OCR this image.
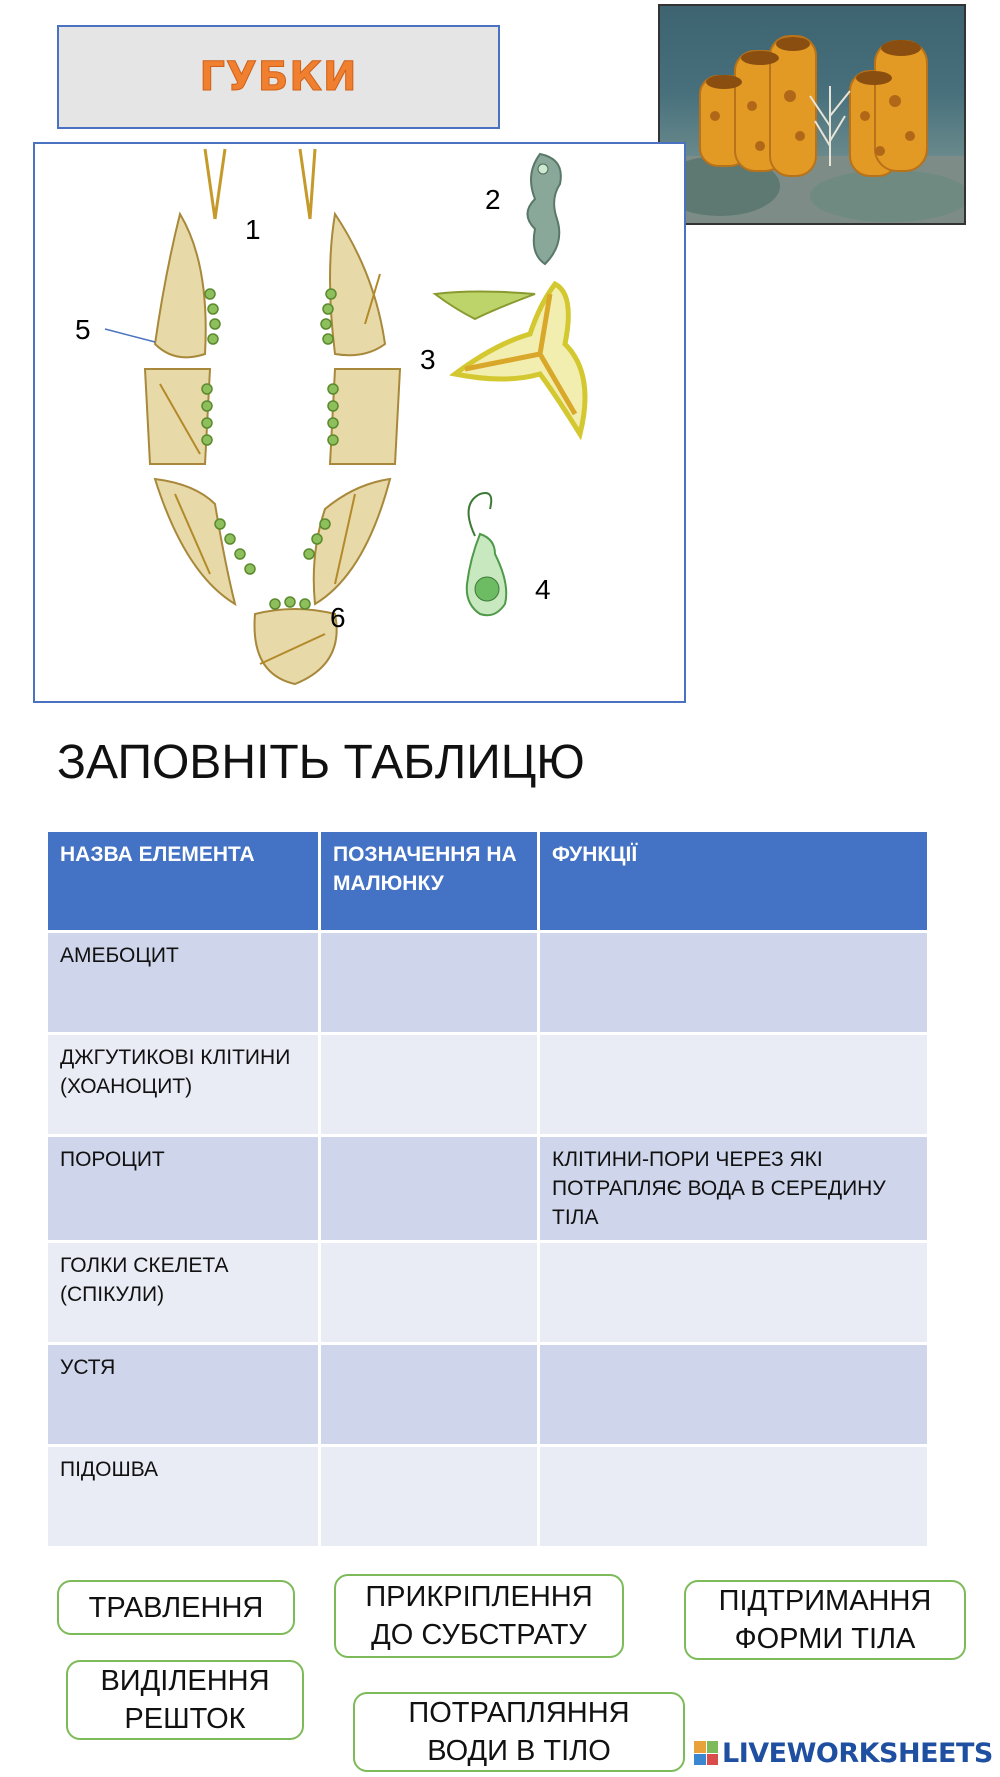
ГУБКИ
1
2
3
4
5
6
ЗАПОВНІТЬ ТАБЛИЦЮ
НАЗВА ЕЛЕМЕНТА	ПОЗНАЧЕННЯ НА МАЛЮНКУ	ФУНКЦІЇ
АМЕБОЦИТ		
ДЖГУТИКОВІ КЛІТИНИ (ХОАНОЦИТ)		
ПОРОЦИТ		КЛІТИНИ-ПОРИ ЧЕРЕЗ ЯКІ ПОТРАПЛЯЄ ВОДА В СЕРЕДИНУ ТІЛА
ГОЛКИ СКЕЛЕТА (СПІКУЛИ)		
УСТЯ		
ПІДОШВА		
ТРАВЛЕННЯ	ПРИКРІПЛЕННЯ
ДО СУБСТРАТУ
ПІДТРИМАННЯ
ФОРМИ ТІЛА
ВИДІЛЕННЯ
РЕШТОК	ПОТРАПЛЯННЯ
ВОДИ В ТІЛО	LIVEWORKSHEETS
